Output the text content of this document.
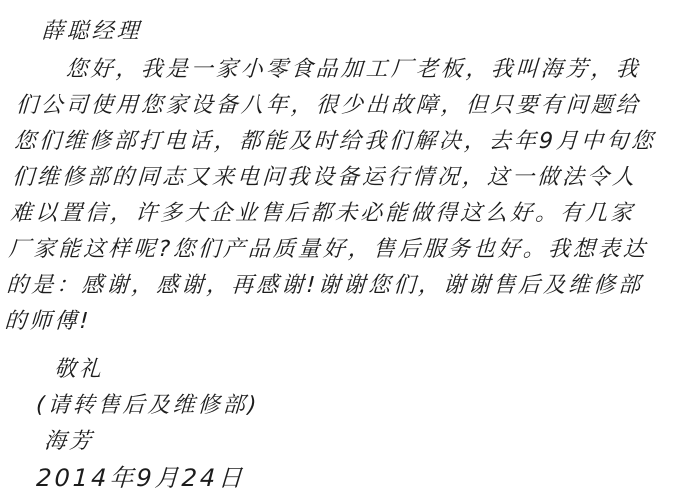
薛聪经理
您好，我是一家小零食品加工厂老板，我叫海芳，我
们公司使用您家设备八年，很少出故障，但只要有问题给
您们维修部打电话，都能及时给我们解决，去年9月中旬您
们维修部的同志又来电问我设备运行情况，这一做法令人
难以置信，许多大企业售后都未必能做得这么好。有几家
厂家能这样呢?您们产品质量好，售后服务也好。我想表达
的是：感谢，感谢，再感谢!谢谢您们，谢谢售后及维修部
的师傅!
敬礼
(请转售后及维修部)
海芳
2014年9月24日
